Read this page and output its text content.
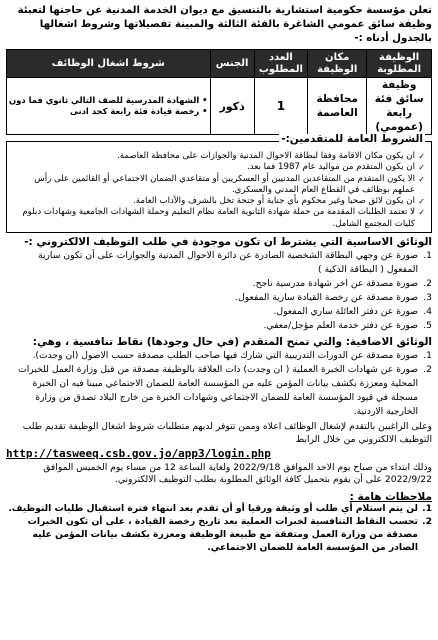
تعلن مؤسسة حكومية استشارية بالتنسيق مع ديوان الخدمة المدنية عن حاجتها لتعبئة وظيفة سائق عمومي الشاغرة بالفئة الثالثة والمبينة تفصيلاتها وشروط اشغالها بالجدول أدناه :-
الوظيفة المطلوبة	مكان الوظيفة	العدد المطلوب	الجنس	شروط اشغال الوظائف
وظيفة سائق فئة رابعة (عمومي)	محافظة العاصمة	1	ذكور	• الشهادة المدرسية للصف التالي ثانوي فما دون
• رخصة قيادة فئة رابعة كحد ادنى
الشروط العامة للمتقدمين:-
✓
ان يكون مكان الاقامة وفقا لبطاقة الاحوال المدنية والجوازات على محافظة العاصمة.
✓
ان يكون المتقدم من مواليد عام 1987 فما بعد.
✓
الا يكون المتقدم من المتقاعدين المدنيين أو العسكريين أو متقاعدي الضمان الاجتماعي أو القائمين على رأس عملهم بوظائف في القطاع العام المدني والعسكري.
✓
ان يكون لائق صحيا وغير محكوم بأي جناية أو جنحة تخل بالشرف والآداب العامة.
✓
لا تعتمد الطلبات المقدمة من حملة شهادة الثانوية العامة نظام التعليم وحملة الشهادات الجامعية وشهادات دبلوم كليات المجتمع الشامل.
الوثائق الاساسية التي يشترط ان تكون موجودة في طلب التوظيف الالكتروني :-
1.
صورة عن وجهي البطاقة الشخصية الصادرة عن دائرة الاحوال المدنية والجوازات على أن تكون سارية المفعول ( البطاقة الذكية )
2.
صورة مصدقة عن اخر شهادة مدرسية ناجح.
3.
صورة مصدقة عن رخصة القيادة سارية المفعول.
4.
صورة عن دفتر العائلة ساري المفعول.
5.
صورة عن دفتر خدمة العلم مؤجل/معفي.
الوثائق الاضافية: والتي تمنح المتقدم (في حال وجودها) نقاط تنافسية ، وهي:
1.
صورة مصدقة عن الدورات التدريبية التي شارك فيها صاحب الطلب مصدقة حسب الاصول (ان وجدت).
2.
صورة عن شهادات الخبرة العملية ( ان وجدت) ذات العلاقة بالوظيفة مصدقة من قبل وزارة العمل للخبرات المحلية ومعززة بكشف بيانات المؤمن عليه من المؤسسة العامة للضمان الاجتماعي مبينا فيه ان الخبرة مسجلة في قيود المؤسسة العامة للضمان الاجتماعي وشهادات الخبرة من خارج البلاد تصدق من وزارة الخارجية الاردنية.
وعلى الراغبين بالتقدم لإشغال الوظائف اعلاه وممن تتوفر لديهم متطلبات شروط اشغال الوظيفة تقديم طلب التوظيف الالكتروني من خلال الرابط
http://tasweeq.csb.gov.jo/app3/login.php
وذلك ابتداء من صباح يوم الاحد الموافق 2022/9/18 ولغاية الساعة 12 من مساء يوم الخميس الموافق 2022/9/22 على أن يقوم بتحميل كافة الوثائق المطلوبة بطلب التوظيف الالكتروني.
ملاحظات هامة :
1.
لن يتم استلام أي طلب أو وثيقة ورقيا أو أن تقدم بعد انتهاء فترة استقبال طلبات التوظيف.
2.
تحسب النقاط التنافسية لخبرات العملية بعد تاريخ رخصة القيادة ، على أن تكون الخبرات مصدقة من وزارة العمل ومتفقة مع طبيعة الوظيفة ومعززة بكشف بيانات المؤمن عليه الصادر من المؤسسة العامة للضمان الاجتماعي.
